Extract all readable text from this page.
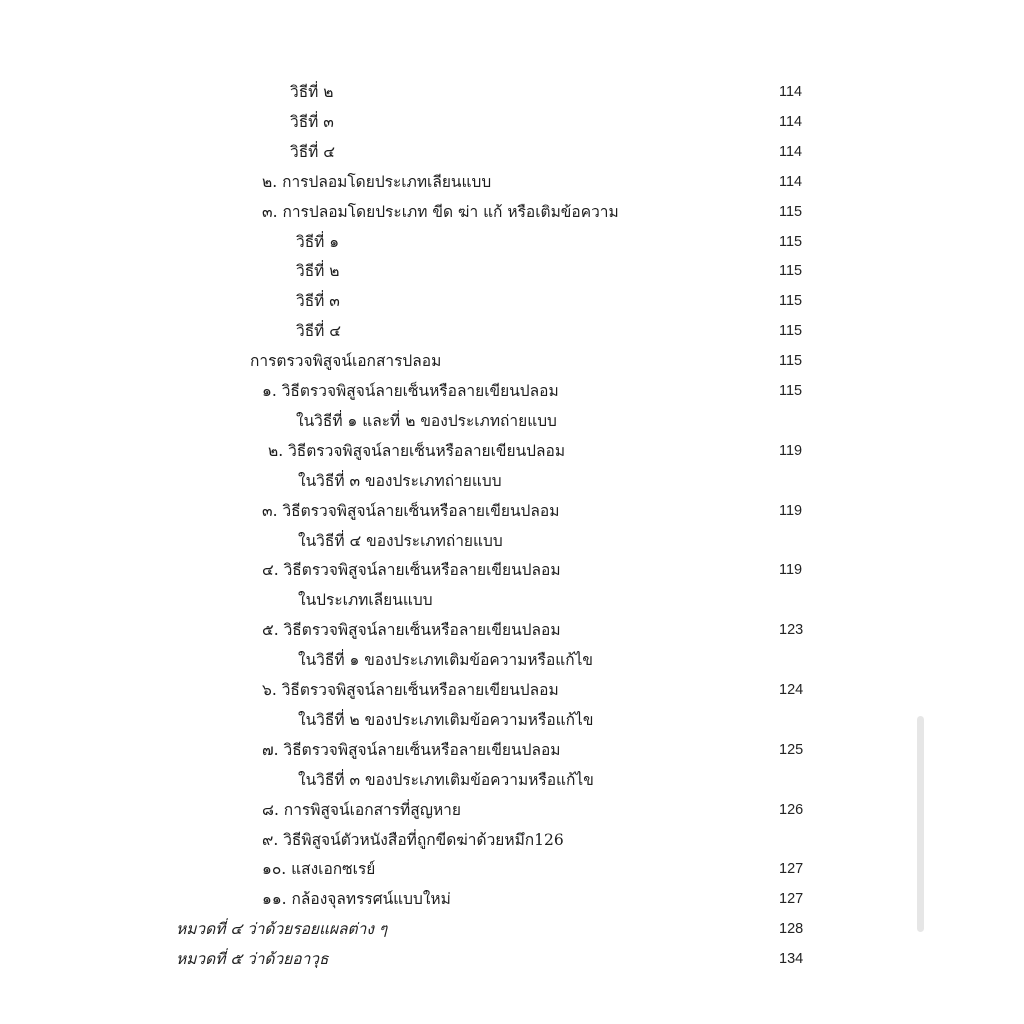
วิธีที่ ๒	114
วิธีที่ ๓	114
วิธีที่ ๔	114
๒. การปลอมโดยประเภทเลียนแบบ	114
๓. การปลอมโดยประเภท ขีด ฆ่า แก้ หรือเติมข้อความ	115
วิธีที่ ๑	115
วิธีที่ ๒	115
วิธีที่ ๓	115
วิธีที่ ๔	115
การตรวจพิสูจน์เอกสารปลอม	115
๑. วิธีตรวจพิสูจน์ลายเซ็นหรือลายเขียนปลอม	115
ในวิธีที่ ๑ และที่ ๒ ของประเภทถ่ายแบบ
๒. วิธีตรวจพิสูจน์ลายเซ็นหรือลายเขียนปลอม	119
ในวิธีที่ ๓ ของประเภทถ่ายแบบ
๓. วิธีตรวจพิสูจน์ลายเซ็นหรือลายเขียนปลอม	119
ในวิธีที่ ๔ ของประเภทถ่ายแบบ
๔. วิธีตรวจพิสูจน์ลายเซ็นหรือลายเขียนปลอม	119
ในประเภทเลียนแบบ
๕. วิธีตรวจพิสูจน์ลายเซ็นหรือลายเขียนปลอม	123
ในวิธีที่ ๑ ของประเภทเติมข้อความหรือแก้ไข
๖. วิธีตรวจพิสูจน์ลายเซ็นหรือลายเขียนปลอม	124
ในวิธีที่ ๒ ของประเภทเติมข้อความหรือแก้ไข
๗. วิธีตรวจพิสูจน์ลายเซ็นหรือลายเขียนปลอม	125
ในวิธีที่ ๓ ของประเภทเติมข้อความหรือแก้ไข
๘. การพิสูจน์เอกสารที่สูญหาย	126
๙. วิธีพิสูจน์ตัวหนังสือที่ถูกขีดฆ่าด้วยหมึก126
๑๐. แสงเอกซเรย์	127
๑๑. กล้องจุลทรรศน์แบบใหม่	127
หมวดที่ ๔ ว่าด้วยรอยแผลต่าง ๆ	128
หมวดที่ ๕ ว่าด้วยอาวุธ	134
